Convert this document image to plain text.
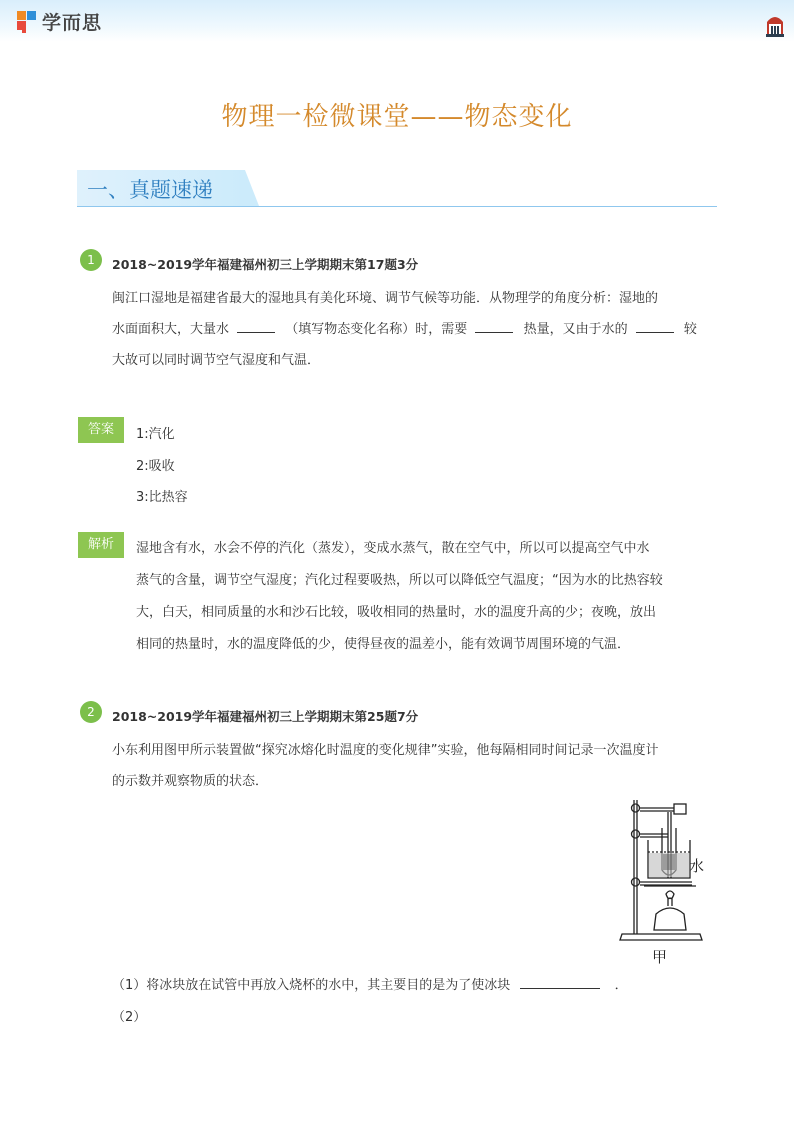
学而思
物理一检微课堂——物态变化
一、真题速递
1	2018~2019学年福建福州初三上学期期末第17题3分
闽江口湿地是福建省最大的湿地具有美化环境、调节气候等功能．从物理学的角度分析：湿地的
水面面积大，大量水	（填写物态变化名称）时，需要	热量，又由于水的	较
大故可以同时调节空气湿度和气温．
答案	1:汽化
2:吸收
3:比热容
解析	湿地含有水，水会不停的汽化（蒸发），变成水蒸气，散在空气中，所以可以提高空气中水
蒸气的含量，调节空气湿度；汽化过程要吸热，所以可以降低空气温度；“因为水的比热容较
大，白天，相同质量的水和沙石比较，吸收相同的热量时，水的温度升高的少；夜晚，放出
相同的热量时，水的温度降低的少，使得昼夜的温差小，能有效调节周围环境的气温．
2	2018~2019学年福建福州初三上学期期末第25题7分
小东利用图甲所示装置做“探究冰熔化时温度的变化规律”实验，他每隔相同时间记录一次温度计
的示数并观察物质的状态．
水
甲
（1）将冰块放在试管中再放入烧杯的水中，其主要目的是为了使冰块	．
（2）
